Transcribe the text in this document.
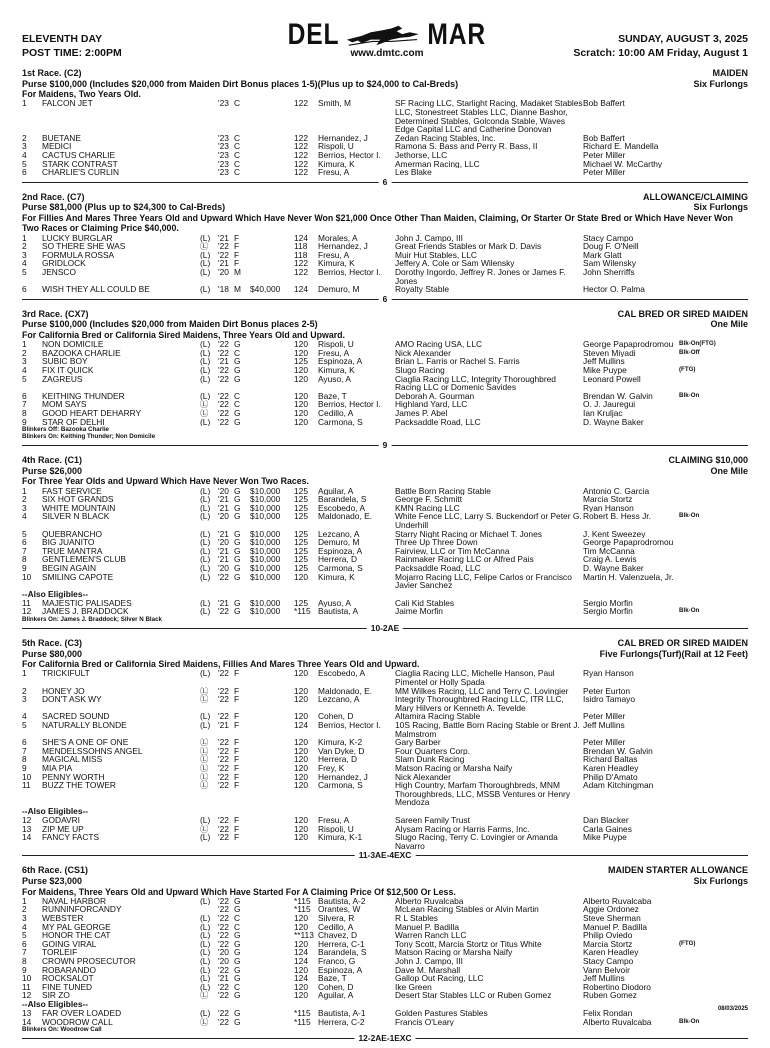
ELEVENTH DAY
POST TIME: 2:00PM
DEL	MAR
www.dmtc.com
SUNDAY, AUGUST 3, 2025
Scratch: 10:00 AM Friday, August 1
1st Race. (C2)	MAIDEN
Purse $100,000 (Includes $20,000 from Maiden Dirt Bonus places 1-5)(Plus up to $24,000 to Cal-Breds)	Six Furlongs
For Maidens, Two Years Old.
1	FALCON JET		'23	C		122	Smith, M	SF Racing LLC, Starlight Racing, Madaket Stables LLC, Stonestreet Stables LLC, Dianne Bashor, Determined Stables, Golconda Stable, Waves Edge Capital LLC and Catherine Donovan	Bob Baffert	
2	BUETANE		'23	C		122	Hernandez, J	Zedan Racing Stables, Inc.	Bob Baffert	
3	MEDICI		'23	C		122	Rispoli, U	Ramona S. Bass and Perry R. Bass, II	Richard E. Mandella	
4	CACTUS CHARLIE		'23	C		122	Berrios, Hector I.	Jethorse, LLC	Peter Miller	
5	STARK CONTRAST		'23	C		122	Kimura, K	Amerman Racing, LLC	Michael W. McCarthy	
6	CHARLIE'S CURLIN		'23	C		122	Fresu, A	Les Blake	Peter Miller	
6
2nd Race. (C7)	ALLOWANCE/CLAIMING
Purse $81,000 (Plus up to $24,300 to Cal-Breds)	Six Furlongs
For Fillies And Mares Three Years Old and Upward Which Have Never Won $21,000 Once Other Than Maiden, Claiming, Or Starter Or State Bred or Which Have Never Won Two Races or Claiming Price $40,000.
1	LUCKY BURGLAR	(L)	'21	F		124	Morales, A	John J. Campo, III	Stacy Campo	
2	SO THERE SHE WAS	Ⓛ	'22	F		118	Hernandez, J	Great Friends Stables or Mark D. Davis	Doug F. O'Neill	
3	FORMULA ROSSA	(L)	'22	F		118	Fresu, A	Muir Hut Stables, LLC	Mark Glatt	
4	GRIDLOCK	(L)	'21	F		122	Kimura, K	Jeffery A. Cole or Sam Wilensky	Sam Wilensky	
5	JENSCO	(L)	'20	M		122	Berrios, Hector I.	Dorothy Ingordo, Jeffrey R. Jones or James F. Jones	John Sherriffs	
6	WISH THEY ALL COULD BE	(L)	'18	M	$40,000	124	Demuro, M	Royalty Stable	Hector O. Palma	
6
3rd Race. (CX7)	CAL BRED OR SIRED MAIDEN
Purse $100,000 (Includes $20,000 from Maiden Dirt Bonus places 2-5)	One Mile
For California Bred or California Sired Maidens, Three Years Old and Upward.
1	NON DOMICILE	(L)	'22	G		120	Rispoli, U	AMO Racing USA, LLC	George Papaprodromou	Blk-On(FTG)
2	BAZOOKA CHARLIE	(L)	'22	C		120	Fresu, A	Nick Alexander	Steven Miyadi	Blk-Off
3	SUBIC BOY	(L)	'21	G		125	Espinoza, A	Brian L. Farris or Rachel S. Farris	Jeff Mullins	
4	FIX IT QUICK	(L)	'22	G		120	Kimura, K	Slugo Racing	Mike Puype	(FTG)
5	ZAGREUS	(L)	'22	G		120	Ayuso, A	Ciaglia Racing LLC, Integrity Thoroughbred Racing LLC or Domenic Savides	Leonard Powell	
6	KEITHING THUNDER	(L)	'22	C		120	Baze, T	Deborah A. Gourman	Brendan W. Galvin	Blk-On
7	MOM SAYS	Ⓛ	'22	C		120	Berrios, Hector I.	Highland Yard, LLC	O. J. Jauregui	
8	GOOD HEART DEHARRY	Ⓛ	'22	G		120	Cedillo, A	James P. Abel	Ian Kruljac	
9	STAR OF DELHI	(L)	'22	G		120	Carmona, S	Packsaddle Road, LLC	D. Wayne Baker	
Blinkers Off: Bazooka Charlie
Blinkers On: Keithing Thunder; Non Domicile
9
4th Race. (C1)	CLAIMING $10,000
Purse $26,000	One Mile
For Three Year Olds and Upward Which Have Never Won Two Races.
1	FAST SERVICE	(L)	'20	G	$10,000	125	Aguilar, A	Battle Born Racing Stable	Antonio C. Garcia	
2	SIX HOT GRANDS	(L)	'21	G	$10,000	125	Barandela, S	George F. Schmitt	Marcia Stortz	
3	WHITE MOUNTAIN	(L)	'21	G	$10,000	125	Escobedo, A	KMN Racing LLC	Ryan Hanson	
4	SILVER N BLACK	(L)	'20	G	$10,000	125	Maldonado, E.	White Fence LLC, Larry S. Buckendorf or Peter G. Underhill	Robert B. Hess Jr.	Blk-On
5	QUEBRANCHO	(L)	'21	G	$10,000	125	Lezcano, A	Starry Night Racing or Michael T. Jones	J. Kent Sweezey	
6	BIG JUANITO	(L)	'20	G	$10,000	125	Demuro, M	Three Up Three Down	George Papaprodromou	
7	TRUE MANTRA	(L)	'21	G	$10,000	125	Espinoza, A	Fairview, LLC or Tim McCanna	Tim McCanna	
8	GENTLEMEN'S CLUB	(L)	'21	G	$10,000	125	Herrera, D	Rainmaker Racing LLC or Alfred Pais	Craig A. Lewis	
9	BEGIN AGAIN	(L)	'20	G	$10,000	125	Carmona, S	Packsaddle Road, LLC	D. Wayne Baker	
10	SMILING CAPOTE	(L)	'22	G	$10,000	120	Kimura, K	Mojarro Racing LLC, Felipe Carlos or Francisco Javier Sanchez	Martin H. Valenzuela, Jr.	
--Also Eligibles--
11	MAJESTIC PALISADES	(L)	'21	G	$10,000	125	Ayuso, A	Cali Kid Stables	Sergio Morfin	
12	JAMES J. BRADDOCK	(L)	'22	G	$10,000	*115	Bautista, A	Jaime Morfin	Sergio Morfin	Blk-On
Blinkers On: James J. Braddock; Silver N Black
10-2AE
5th Race. (C3)	CAL BRED OR SIRED MAIDEN
Purse $80,000	Five Furlongs(Turf)(Rail at 12 Feet)
For California Bred or California Sired Maidens, Fillies And Mares Three Years Old and Upward.
1	TRICKIFULT	(L)	'22	F		120	Escobedo, A	Ciaglia Racing LLC, Michelle Hanson, Paul Pimentel or Holly Spada	Ryan Hanson	
2	HONEY JO	Ⓛ	'22	F		120	Maldonado, E.	MM Wilkes Racing, LLC and Terry C. Lovingier	Peter Eurton	
3	DON'T ASK WY	Ⓛ	'22	F		120	Lezcano, A	Integrity Thoroughbred Racing LLC, ITR LLC, Mary Hilvers or Kenneth A. Tevelde	Isidro Tamayo	
4	SACRED SOUND	(L)	'22	F		120	Cohen, D	Altamira Racing Stable	Peter Miller	
5	NATURALLY BLONDE	(L)	'21	F		124	Berrios, Hector I.	10S Racing, Battle Born Racing Stable or Brent J. Malmstrom	Jeff Mullins	
6	SHE'S A ONE OF ONE	Ⓛ	'22	F		120	Kimura, K-2	Gary Barber	Peter Miller	
7	MENDELSSOHNS ANGEL	Ⓛ	'22	F		120	Van Dyke, D	Four Quarters Corp.	Brendan W. Galvin	
8	MAGICAL MISS	Ⓛ	'22	F		120	Herrera, D	Slam Dunk Racing	Richard Baltas	
9	MIA PIA	Ⓛ	'22	F		120	Frey, K	Matson Racing or Marsha Naify	Karen Headley	
10	PENNY WORTH	Ⓛ	'22	F		120	Hernandez, J	Nick Alexander	Philip D'Amato	
11	BUZZ THE TOWER	Ⓛ	'22	F		120	Carmona, S	High Country, Marfam Thoroughbreds, MNM Thoroughbreds, LLC, MSSB Ventures or Henry Mendoza	Adam Kitchingman	
--Also Eligibles--
12	GODAVRI	(L)	'22	F		120	Fresu, A	Sareen Family Trust	Dan Blacker	
13	ZIP ME UP	Ⓛ	'22	F		120	Rispoli, U	Alysam Racing or Harris Farms, Inc.	Carla Gaines	
14	FANCY FACTS	(L)	'22	F		120	Kimura, K-1	Slugo Racing, Terry C. Lovingier or Amanda Navarro	Mike Puype	
11-3AE-4EXC
6th Race. (CS1)	MAIDEN STARTER ALLOWANCE
Purse $23,000	Six Furlongs
For Maidens, Three Years Old and Upward Which Have Started For A Claiming Price Of $12,500 Or Less.
1	NAVAL HARBOR	(L)	'22	G		*115	Bautista, A-2	Alberto Ruvalcaba	Alberto Ruvalcaba	
2	RUNNINFORCANDY		'22	G		*115	Orantes, W	McLean Racing Stables or Alvin Martin	Aggie Ordonez	
3	WEBSTER	(L)	'22	C		120	Silvera, R	R L Stables	Steve Sherman	
4	MY PAL GEORGE	(L)	'22	C		120	Cedillo, A	Manuel P. Badilla	Manuel P. Badilla	
5	HONOR THE CAT	(L)	'22	G		**113	Chavez, D	Warren Ranch LLC	Philip Oviedo	
6	GOING VIRAL	(L)	'22	G		120	Herrera, C-1	Tony Scott, Marcia Stortz or Titus White	Marcia Stortz	(FTG)
7	TORLEIF	(L)	'20	G		124	Barandela, S	Matson Racing or Marsha Naify	Karen Headley	
8	CROWN PROSECUTOR	(L)	'20	G		124	Franco, G	John J. Campo, III	Stacy Campo	
9	ROBARANDO	(L)	'22	G		120	Espinoza, A	Dave M. Marshall	Vann Belvoir	
10	ROCKSALOT	(L)	'21	G		124	Baze, T	Gallop Out Racing, LLC	Jeff Mullins	
11	FINE TUNED	(L)	'22	C		120	Cohen, D	Ike Green	Robertino Diodoro	
12	SIR ZO	Ⓛ	'22	G		120	Aguilar, A	Desert Star Stables LLC or Ruben Gomez	Ruben Gomez	
--Also Eligibles--
13	FAR OVER LOADED	(L)	'22	G		*115	Bautista, A-1	Golden Pastures Stables	Felix Rondan	
14	WOODROW CALL	Ⓛ	'22	G		*115	Herrera, C-2	Francis O'Leary	Alberto Ruvalcaba	Blk-On
Blinkers On: Woodrow Call
12-2AE-1EXC
08/03/2025
